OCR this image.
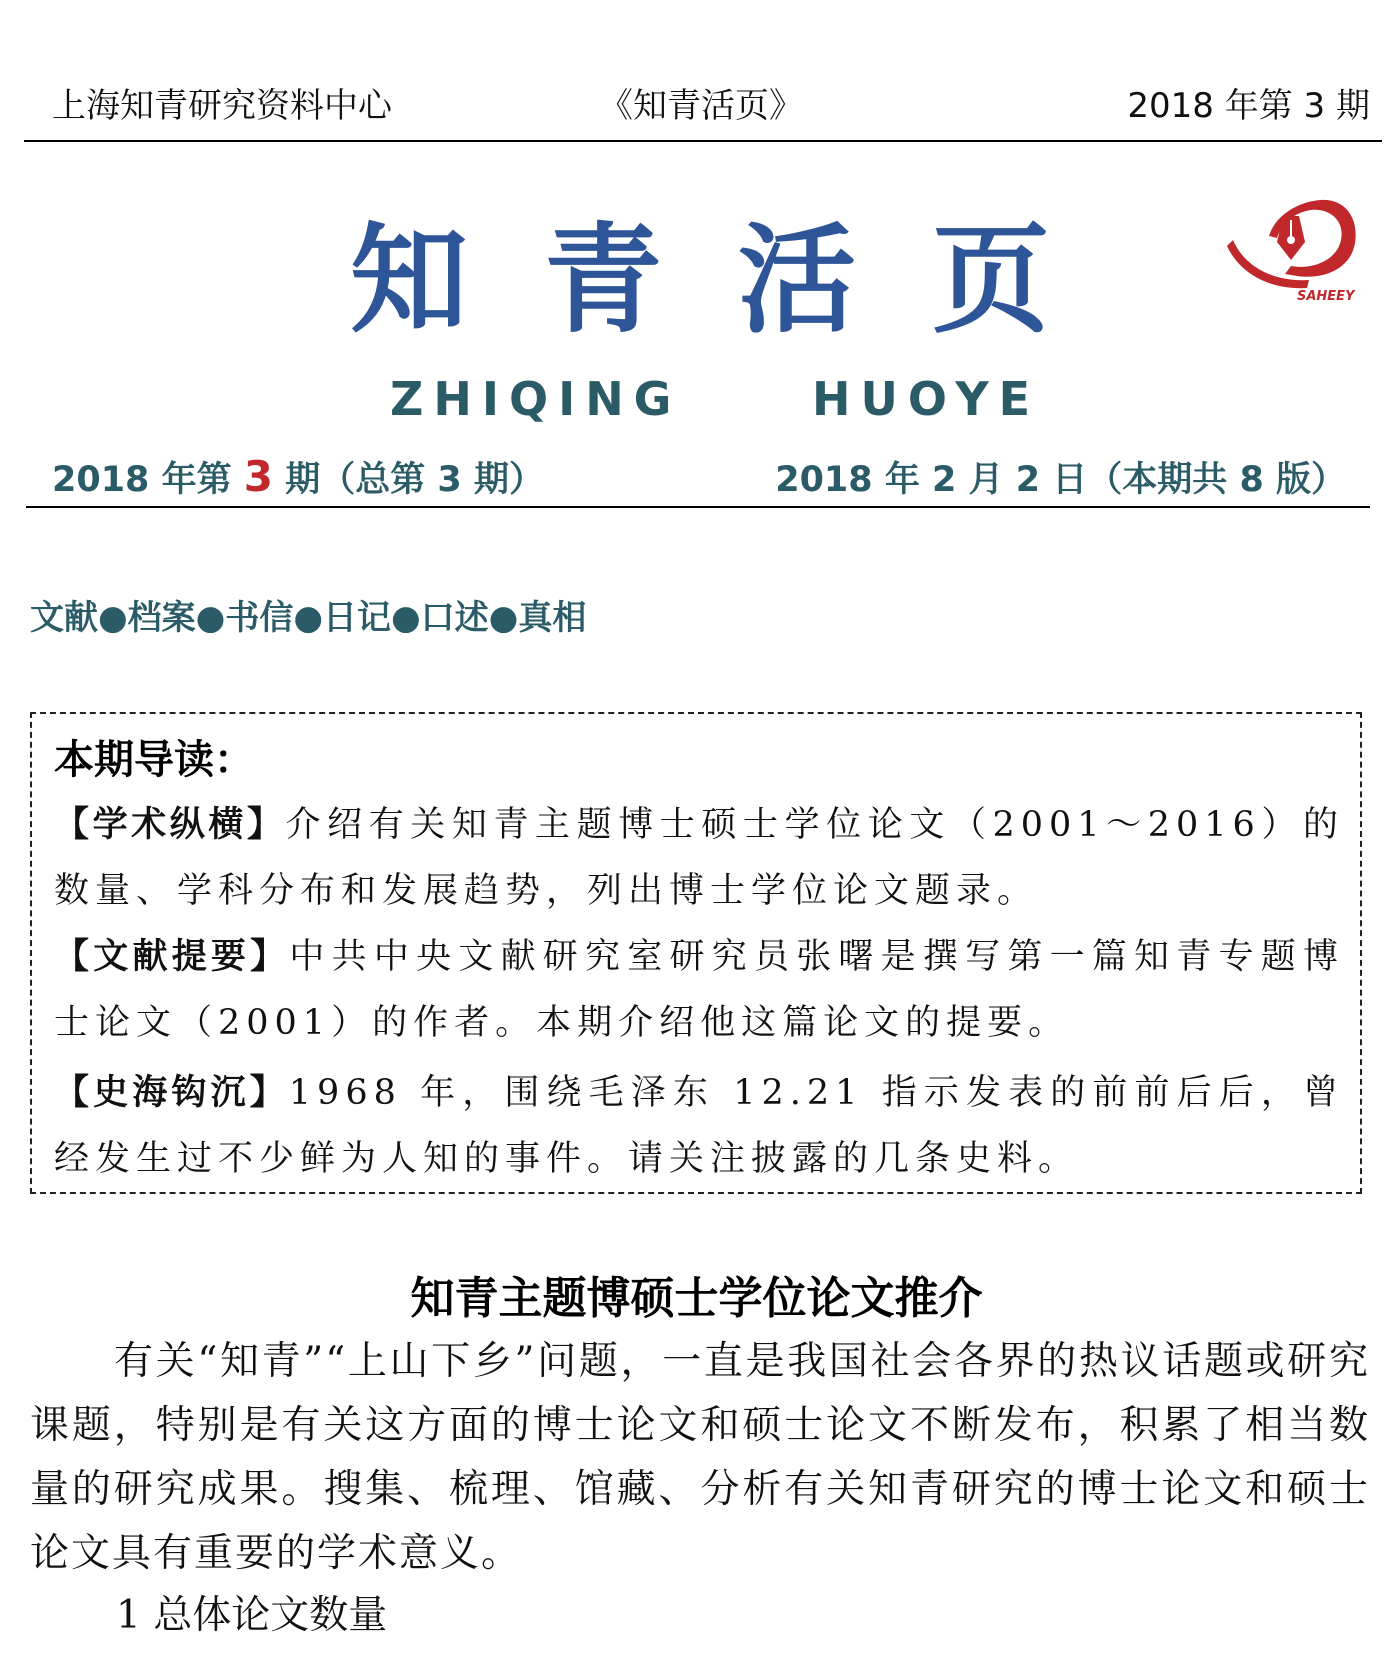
上海知青研究资料中心	《知青活页》	2018 年第 3 期
知 青 活 页	SAHEEY
ZHIQING	HUOYE
2018 年第 3 期（总第 3 期）	2018 年 2 月 2 日（本期共 8 版）
文献●档案●书信●日记●口述●真相
本期导读：
【学术纵横】介绍有关知青主题博士硕士学位论文（2001～2016）的数量、学科分布和发展趋势，列出博士学位论文题录。
【文献提要】中共中央文献研究室研究员张曙是撰写第一篇知青专题博士论文（2001）的作者。本期介绍他这篇论文的提要。
【史海钩沉】1968 年，围绕毛泽东 12.21 指示发表的前前后后，曾经发生过不少鲜为人知的事件。请关注披露的几条史料。
知青主题博硕士学位论文推介
有关“知青”“上山下乡”问题，一直是我国社会各界的热议话题或研究课题，特别是有关这方面的博士论文和硕士论文不断发布，积累了相当数量的研究成果。搜集、梳理、馆藏、分析有关知青研究的博士论文和硕士论文具有重要的学术意义。
1 总体论文数量
